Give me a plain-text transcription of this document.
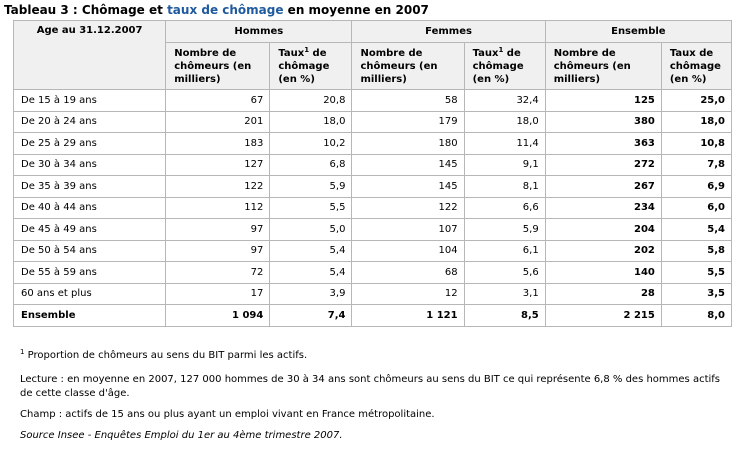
Tableau 3 : Chômage et taux de chômage en moyenne en 2007
Age au 31.12.2007	Hommes		Femmes		Ensemble	
	Nombre de chômeurs (en milliers)	Taux$^1$ de chômage (en %)	Nombre de chômeurs (en milliers)	Taux$^1$ de chômage (en %)	Nombre de chômeurs (en milliers)	Taux de chômage (en %)
De 15 à 19 ans	67	20,8	58	32,4	125	25,0
De 20 à 24 ans	201	18,0	179	18,0	380	18,0
De 25 à 29 ans	183	10,2	180	11,4	363	10,8
De 30 à 34 ans	127	6,8	145	9,1	272	7,8
De 35 à 39 ans	122	5,9	145	8,1	267	6,9
De 40 à 44 ans	112	5,5	122	6,6	234	6,0
De 45 à 49 ans	97	5,0	107	5,9	204	5,4
De 50 à 54 ans	97	5,4	104	6,1	202	5,8
De 55 à 59 ans	72	5,4	68	5,6	140	5,5
60 ans et plus	17	3,9	12	3,1	28	3,5
Ensemble	1 094	7,4	1 121	8,5	2 215	8,0
$^1$ Proportion de chômeurs au sens du BIT parmi les actifs.
Lecture : en moyenne en 2007, 127 000 hommes de 30 à 34 ans sont chômeurs au sens du BIT ce qui représente 6,8 % des hommes actifs de cette classe d'âge.
Champ : actifs de 15 ans ou plus ayant un emploi vivant en France métropolitaine.
Source Insee - Enquêtes Emploi du 1er au 4ème trimestre 2007.
